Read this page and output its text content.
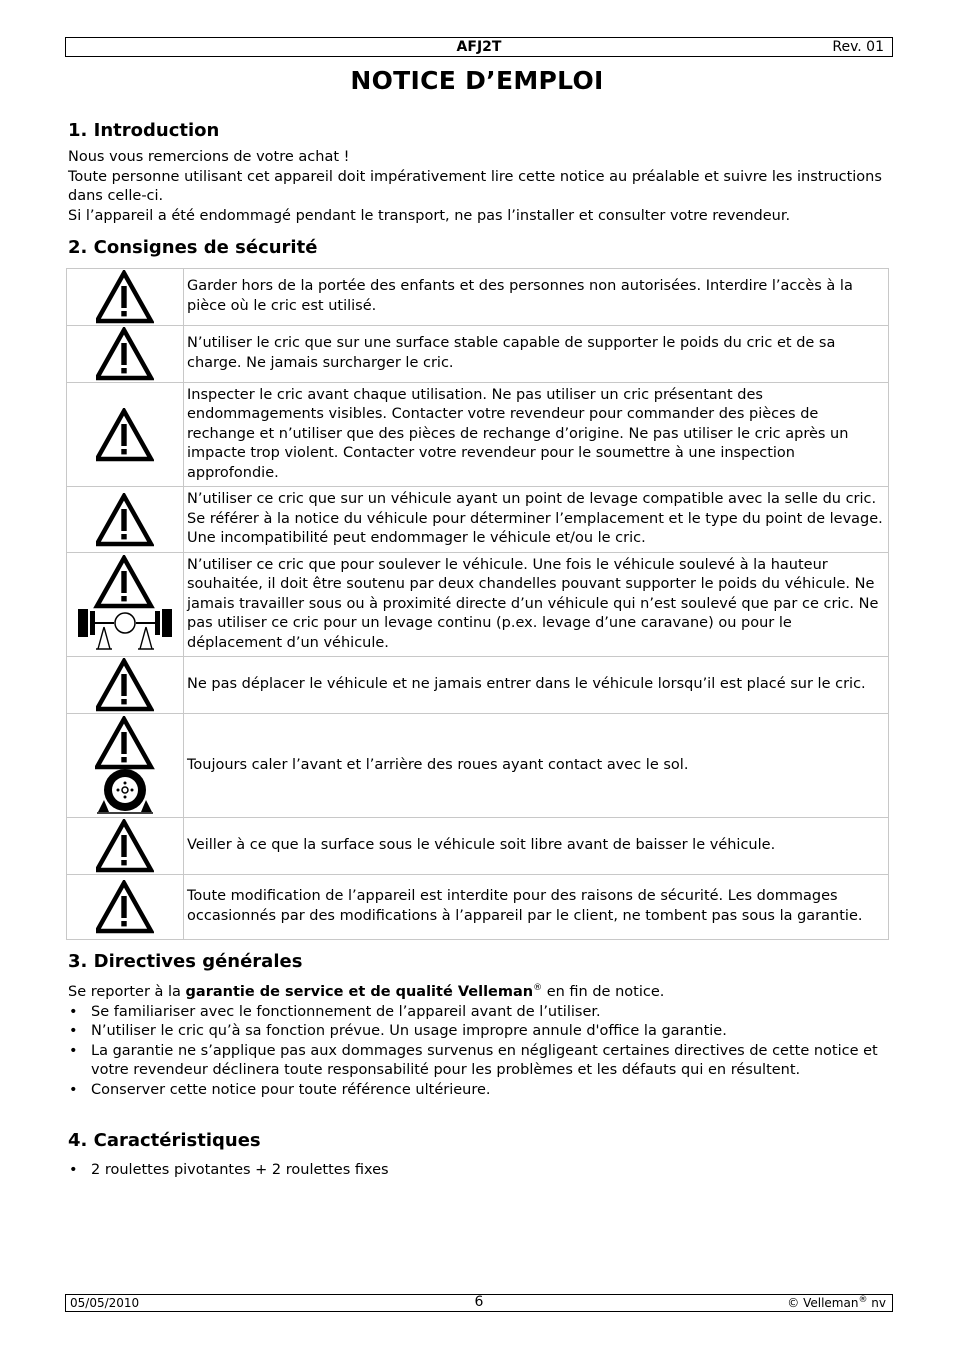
AFJ2T	Rev. 01
NOTICE D’EMPLOI
1. Introduction

Nous vous remercions de votre achat !

Toute personne utilisant cet appareil doit impérativement lire cette notice au préalable et suivre les instructions dans celle-ci.

Si l’appareil a été endommagé pendant le transport, ne pas l’installer et consulter votre revendeur.

2. Consignes de sécurité
	Garder hors de la portée des enfants et des personnes non autorisées. Interdire l’accès à la pièce où le cric est utilisé.

	N’utiliser le cric que sur une surface stable capable de supporter le poids du cric et de sa charge. Ne jamais surcharger le cric.

	Inspecter le cric avant chaque utilisation. Ne pas utiliser un cric présentant des endommagements visibles. Contacter votre revendeur pour commander des pièces de rechange et n’utiliser que des pièces de rechange d’origine. Ne pas utiliser le cric après un impacte trop violent. Contacter votre revendeur pour le soumettre à une inspection approfondie.

	N’utiliser ce cric que sur un véhicule ayant un point de levage compatible avec la selle du cric. Se référer à la notice du véhicule pour déterminer l’emplacement et le type du point de levage. Une incompatibilité peut endommager le véhicule et/ou le cric.

	N’utiliser ce cric que pour soulever le véhicule. Une fois le véhicule soulevé à la hauteur souhaitée, il doit être soutenu par deux chandelles pouvant supporter le poids du véhicule. Ne jamais travailler sous ou à proximité directe d’un véhicule qui n’est soulevé que par ce cric. Ne pas utiliser ce cric pour un levage continu (p.ex. levage d’une caravane) ou pour le déplacement d’un véhicule.

	Ne pas déplacer le véhicule et ne jamais entrer dans le véhicule lorsqu’il est placé sur le cric.

	Toujours caler l’avant et l’arrière des roues ayant contact avec le sol.

	Veiller à ce que la surface sous le véhicule soit libre avant de baisser le véhicule.

	Toute modification de l’appareil est interdite pour des raisons de sécurité. Les dommages occasionnés par des modifications à l’appareil par le client, ne tombent pas sous la garantie.
3. Directives générales

Se reporter à la garantie de service et de qualité Velleman® en fin de notice.

• Se familiariser avec le fonctionnement de l’appareil avant de l’utiliser.
• N’utiliser le cric qu’à sa fonction prévue. Un usage impropre annule d'office la garantie.
• La garantie ne s’applique pas aux dommages survenus en négligeant certaines directives de cette notice et votre revendeur déclinera toute responsabilité pour les problèmes et les défauts qui en résultent.
• Conserver cette notice pour toute référence ultérieure.
4. Caractéristiques
• 2 roulettes pivotantes + 2 roulettes fixes
05/05/2010	6	© Velleman® nv
